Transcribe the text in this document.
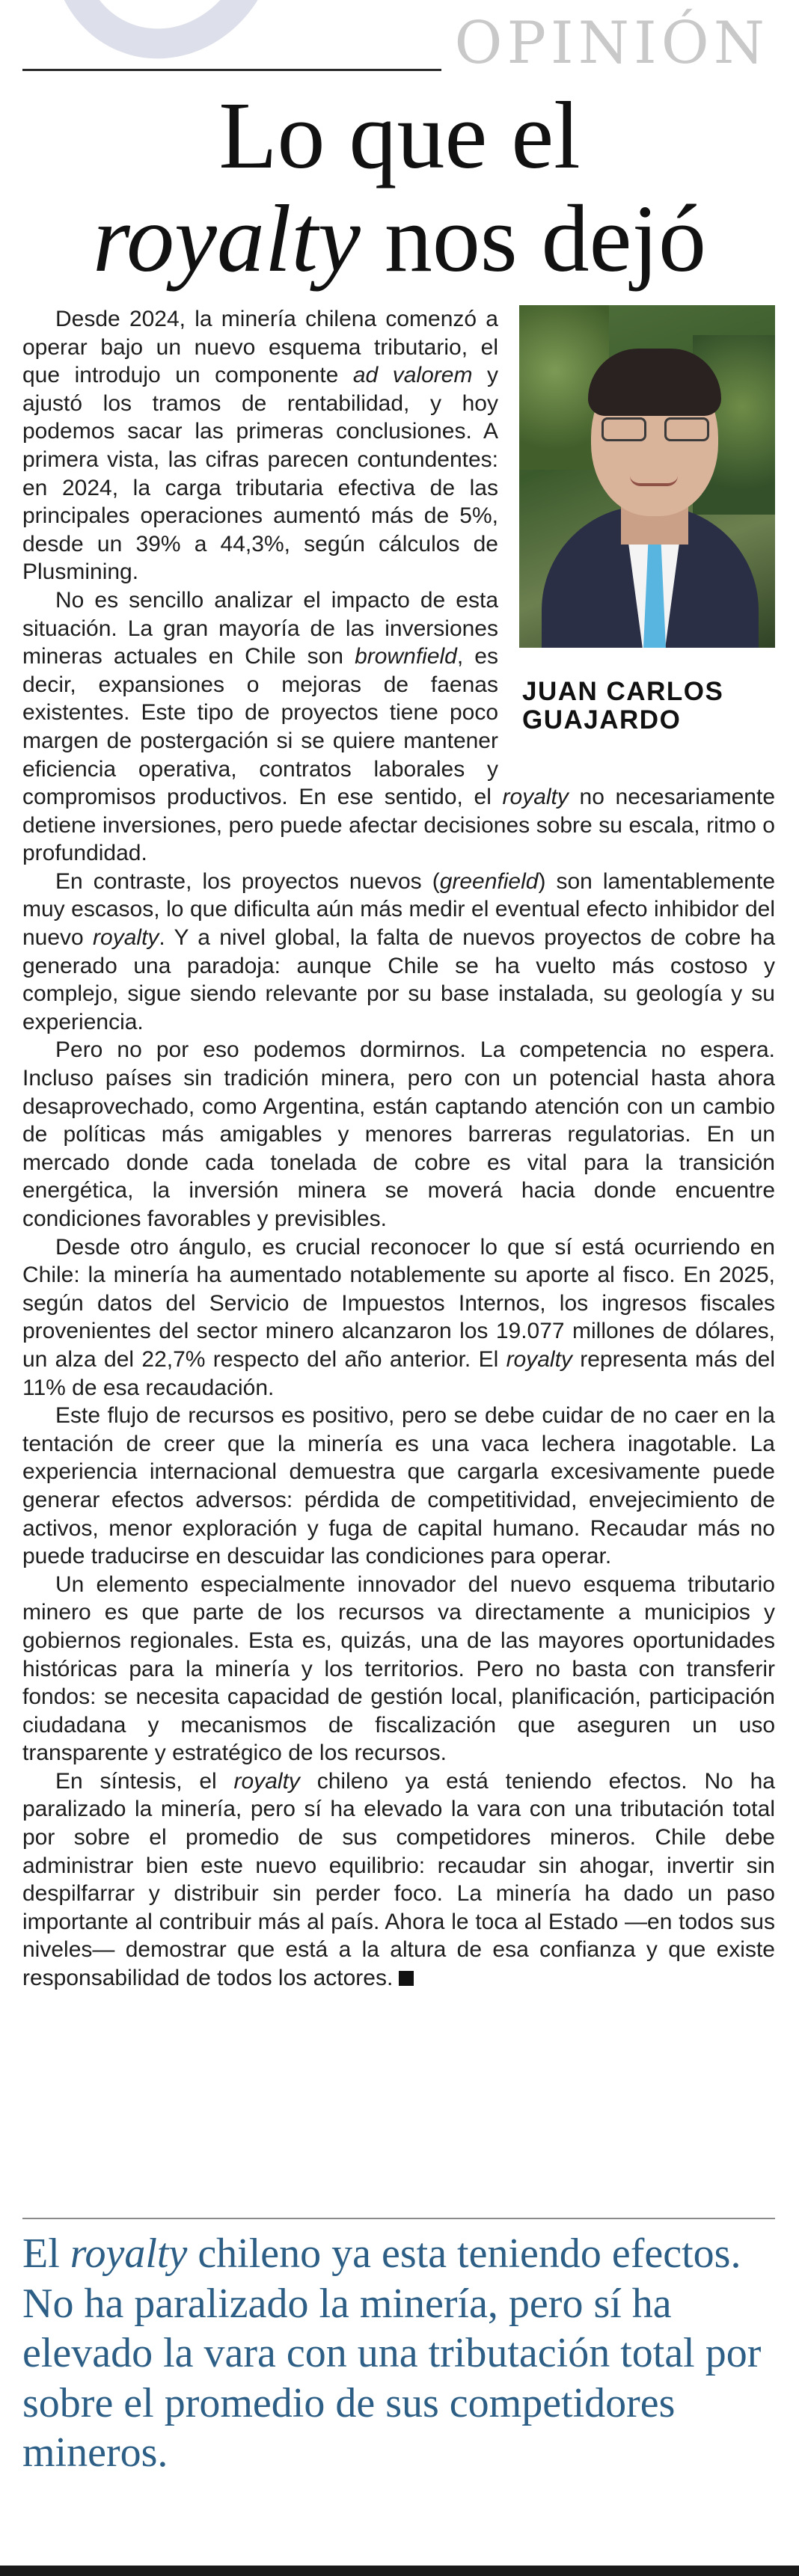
OPINIÓN
Lo que el
royalty nos dejó
JUAN CARLOS
GUAJARDO

Desde 2024, la minería chilena comenzó a operar bajo un nuevo esquema tributario, el que introdujo un componente ad valorem y ajustó los tramos de rentabilidad, y hoy podemos sacar las primeras conclusiones. A primera vista, las cifras parecen contundentes: en 2024, la carga tributaria efectiva de las principales operaciones aumentó más de 5%, desde un 39% a 44,3%, según cálculos de Plusmining.

No es sencillo analizar el impacto de esta situación. La gran mayoría de las inversiones mineras actuales en Chile son brownfield, es decir, expansiones o mejoras de faenas existentes. Este tipo de proyectos tiene poco margen de postergación si se quiere mantener eficiencia operativa, contratos laborales y compromisos productivos. En ese sentido, el royalty no necesariamente detiene inversiones, pero puede afectar decisiones sobre su escala, ritmo o profundidad.

En contraste, los proyectos nuevos (greenfield) son lamentablemente muy escasos, lo que dificulta aún más medir el eventual efecto inhibidor del nuevo royalty. Y a nivel global, la falta de nuevos proyectos de cobre ha generado una paradoja: aunque Chile se ha vuelto más costoso y complejo, sigue siendo relevante por su base instalada, su geología y su experiencia.

Pero no por eso podemos dormirnos. La competencia no espera. Incluso países sin tradición minera, pero con un potencial hasta ahora desaprovechado, como Argentina, están captando atención con un cambio de políticas más amigables y menores barreras regulatorias. En un mercado donde cada tonelada de cobre es vital para la transición energética, la inversión minera se moverá hacia donde encuentre condiciones favorables y previsibles.

Desde otro ángulo, es crucial reconocer lo que sí está ocurriendo en Chile: la minería ha aumentado notablemente su aporte al fisco. En 2025, según datos del Servicio de Impuestos Internos, los ingresos fiscales provenientes del sector minero alcanzaron los 19.077 millones de dólares, un alza del 22,7% respecto del año anterior. El royalty representa más del 11% de esa recaudación.

Este flujo de recursos es positivo, pero se debe cuidar de no caer en la tentación de creer que la minería es una vaca lechera inagotable. La experiencia internacional demuestra que cargarla excesivamente puede generar efectos adversos: pérdida de competitividad, envejecimiento de activos, menor exploración y fuga de capital humano. Recaudar más no puede traducirse en descuidar las condiciones para operar.

Un elemento especialmente innovador del nuevo esquema tributario minero es que parte de los recursos va directamente a municipios y gobiernos regionales. Esta es, quizás, una de las mayores oportunidades históricas para la minería y los territorios. Pero no basta con transferir fondos: se necesita capacidad de gestión local, planificación, participación ciudadana y mecanismos de fiscalización que aseguren un uso transparente y estratégico de los recursos.

En síntesis, el royalty chileno ya está teniendo efectos. No ha paralizado la minería, pero sí ha elevado la vara con una tributación total por sobre el promedio de sus competidores mineros. Chile debe administrar bien este nuevo equilibrio: recaudar sin ahogar, invertir sin despilfarrar y distribuir sin perder foco. La minería ha dado un paso importante al contribuir más al país. Ahora le toca al Estado —en todos sus niveles— demostrar que está a la altura de esa confianza y que existe responsabilidad de todos los actores.

El royalty chileno ya esta teniendo efectos. No ha paralizado la minería, pero sí ha elevado la vara con una tributación total por sobre el promedio de sus competidores mineros.
